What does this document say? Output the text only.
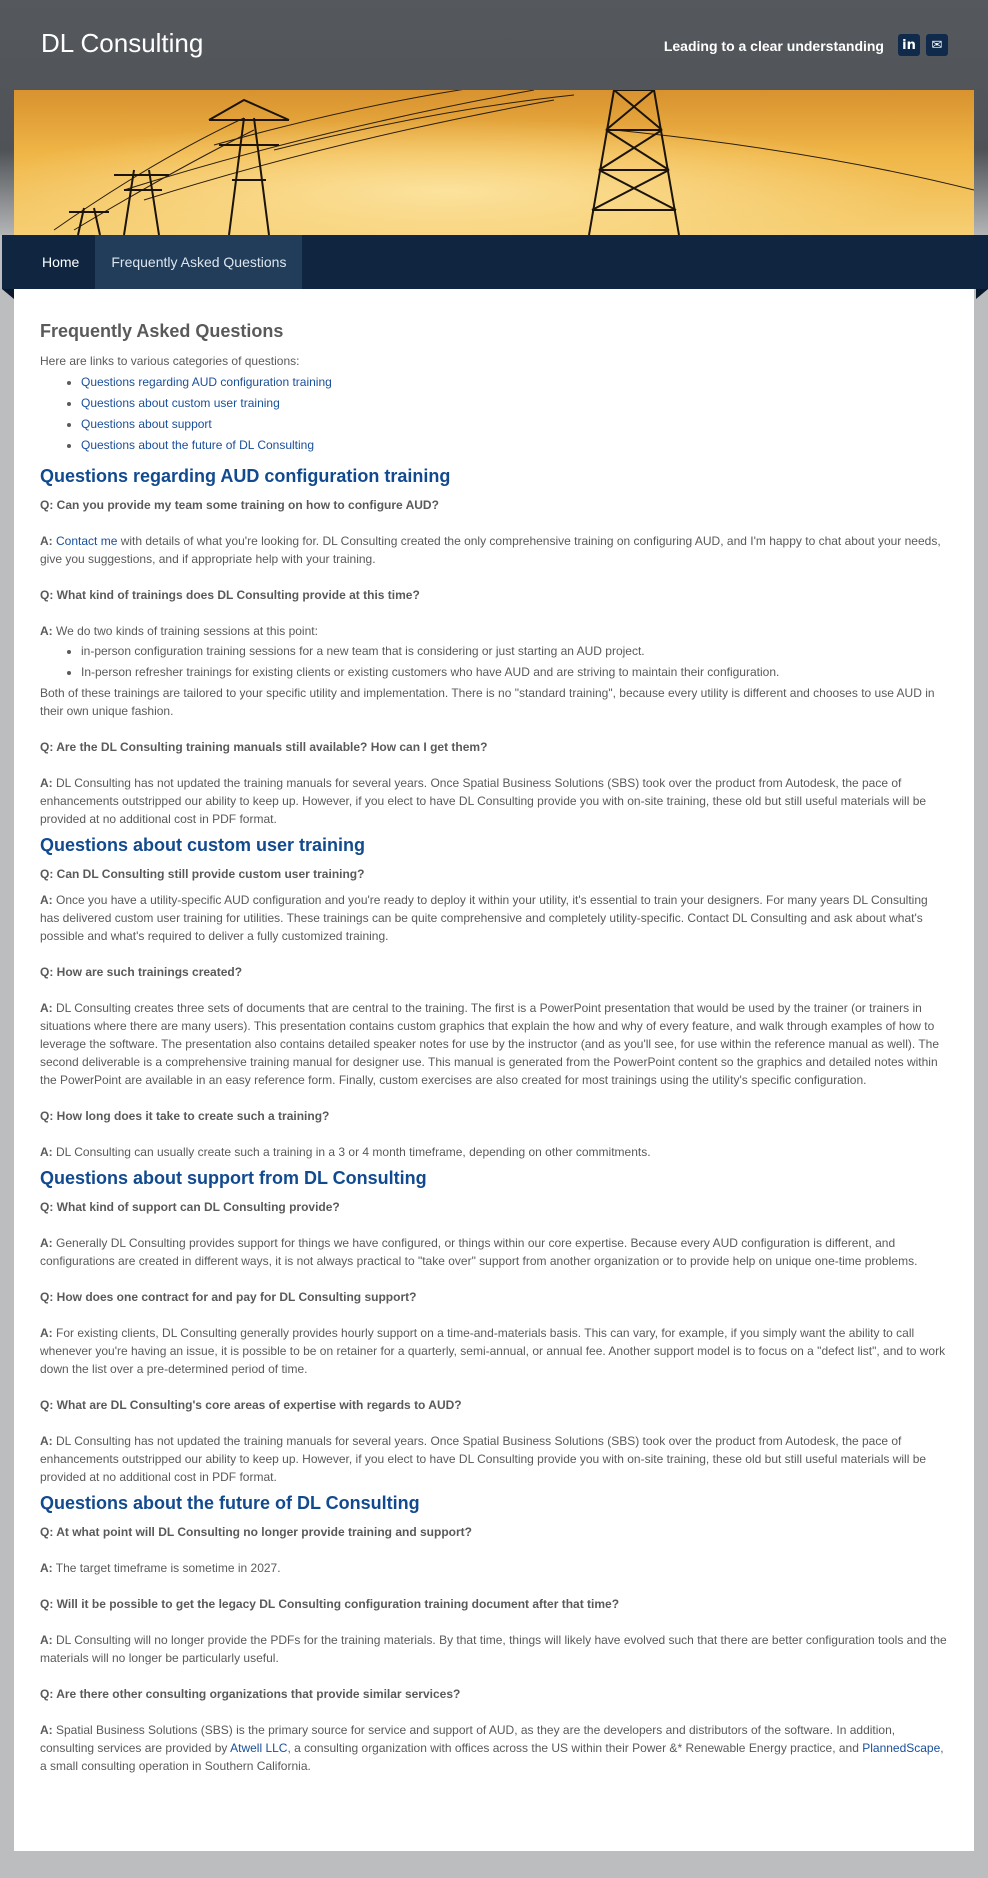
DL Consulting	Leading to a clear understanding	in	✉
Home	Frequently Asked Questions
Frequently Asked Questions

Here are links to various categories of questions:

• Questions regarding AUD configuration training
• Questions about custom user training
• Questions about support
• Questions about the future of DL Consulting
Questions regarding AUD configuration training

Q: Can you provide my team some training on how to configure AUD?

A: Contact me with details of what you're looking for. DL Consulting created the only comprehensive training on configuring AUD, and I'm happy to chat about your needs, give you suggestions, and if appropriate help with your training.

Q: What kind of trainings does DL Consulting provide at this time?

A: We do two kinds of training sessions at this point:

• in-person configuration training sessions for a new team that is considering or just starting an AUD project.
• In-person refresher trainings for existing clients or existing customers who have AUD and are striving to maintain their configuration.

Both of these trainings are tailored to your specific utility and implementation. There is no "standard training", because every utility is different and chooses to use AUD in their own unique fashion.

Q: Are the DL Consulting training manuals still available? How can I get them?

A: DL Consulting has not updated the training manuals for several years. Once Spatial Business Solutions (SBS) took over the product from Autodesk, the pace of enhancements outstripped our ability to keep up. However, if you elect to have DL Consulting provide you with on-site training, these old but still useful materials will be provided at no additional cost in PDF format.

Questions about custom user training

Q: Can DL Consulting still provide custom user training?

A: Once you have a utility-specific AUD configuration and you're ready to deploy it within your utility, it's essential to train your designers. For many years DL Consulting has delivered custom user training for utilities. These trainings can be quite comprehensive and completely utility-specific. Contact DL Consulting and ask about what's possible and what's required to deliver a fully customized training.

Q: How are such trainings created?

A: DL Consulting creates three sets of documents that are central to the training. The first is a PowerPoint presentation that would be used by the trainer (or trainers in situations where there are many users). This presentation contains custom graphics that explain the how and why of every feature, and walk through examples of how to leverage the software. The presentation also contains detailed speaker notes for use by the instructor (and as you'll see, for use within the reference manual as well). The second deliverable is a comprehensive training manual for designer use. This manual is generated from the PowerPoint content so the graphics and detailed notes within the PowerPoint are available in an easy reference form. Finally, custom exercises are also created for most trainings using the utility's specific configuration.

Q: How long does it take to create such a training?

A: DL Consulting can usually create such a training in a 3 or 4 month timeframe, depending on other commitments.

Questions about support from DL Consulting

Q: What kind of support can DL Consulting provide?

A: Generally DL Consulting provides support for things we have configured, or things within our core expertise. Because every AUD configuration is different, and configurations are created in different ways, it is not always practical to "take over" support from another organization or to provide help on unique one-time problems.

Q: How does one contract for and pay for DL Consulting support?

A: For existing clients, DL Consulting generally provides hourly support on a time-and-materials basis. This can vary, for example, if you simply want the ability to call whenever you're having an issue, it is possible to be on retainer for a quarterly, semi-annual, or annual fee. Another support model is to focus on a "defect list", and to work down the list over a pre-determined period of time.

Q: What are DL Consulting's core areas of expertise with regards to AUD?

A: DL Consulting has not updated the training manuals for several years. Once Spatial Business Solutions (SBS) took over the product from Autodesk, the pace of enhancements outstripped our ability to keep up. However, if you elect to have DL Consulting provide you with on-site training, these old but still useful materials will be provided at no additional cost in PDF format.

Questions about the future of DL Consulting

Q: At what point will DL Consulting no longer provide training and support?

A: The target timeframe is sometime in 2027.

Q: Will it be possible to get the legacy DL Consulting configuration training document after that time?

A: DL Consulting will no longer provide the PDFs for the training materials. By that time, things will likely have evolved such that there are better configuration tools and the materials will no longer be particularly useful.

Q: Are there other consulting organizations that provide similar services?

A: Spatial Business Solutions (SBS) is the primary source for service and support of AUD, as they are the developers and distributors of the software. In addition, consulting services are provided by Atwell LLC, a consulting organization with offices across the US within their Power &* Renewable Energy practice, and PlannedScape, a small consulting operation in Southern California.
